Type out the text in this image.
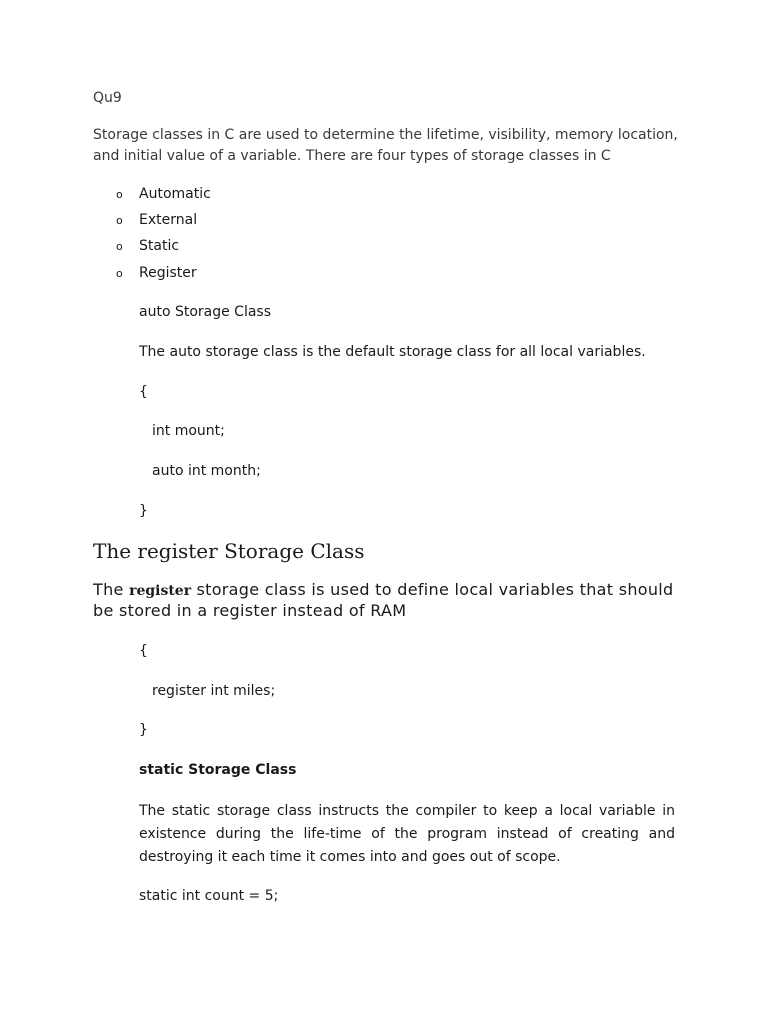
Qu9
Storage classes in C are used to determine the lifetime, visibility, memory location, and initial value of a variable. There are four types of storage classes in C
o Automatic
o External
o Static
o Register
auto Storage Class
The auto storage class is the default storage class for all local variables.
{
int mount;
auto int month;
}
The register Storage Class
The register storage class is used to define local variables that should be stored in a register instead of RAM
{
register int miles;
}
static Storage Class
The static storage class instructs the compiler to keep a local variable in existence during the life-time of the program instead of creating and destroying it each time it comes into and goes out of scope.
static int count = 5;
